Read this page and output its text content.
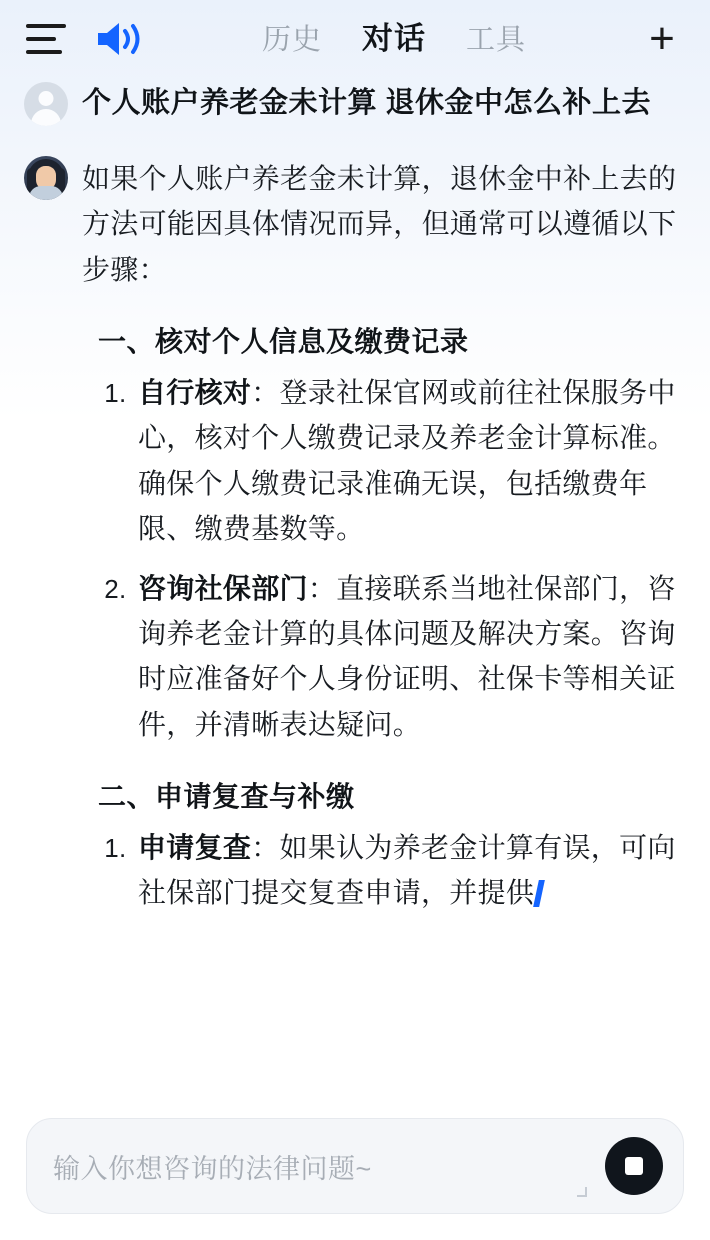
历史 对话 工具	+
个人账户养老金未计算 退休金中怎么补上去
如果个人账户养老金未计算，退休金中补上去的方法可能因具体情况而异，但通常可以遵循以下步骤：
一、核对个人信息及缴费记录
1. 自行核对：登录社保官网或前往社保服务中心，核对个人缴费记录及养老金计算标准。确保个人缴费记录准确无误，包括缴费年限、缴费基数等。
2. 咨询社保部门：直接联系当地社保部门，咨询养老金计算的具体问题及解决方案。咨询时应准备好个人身份证明、社保卡等相关证件，并清晰表达疑问。
二、申请复查与补缴
1. 申请复查：如果认为养老金计算有误，可向社保部门提交复查申请，并提供
输入你想咨询的法律问题~
